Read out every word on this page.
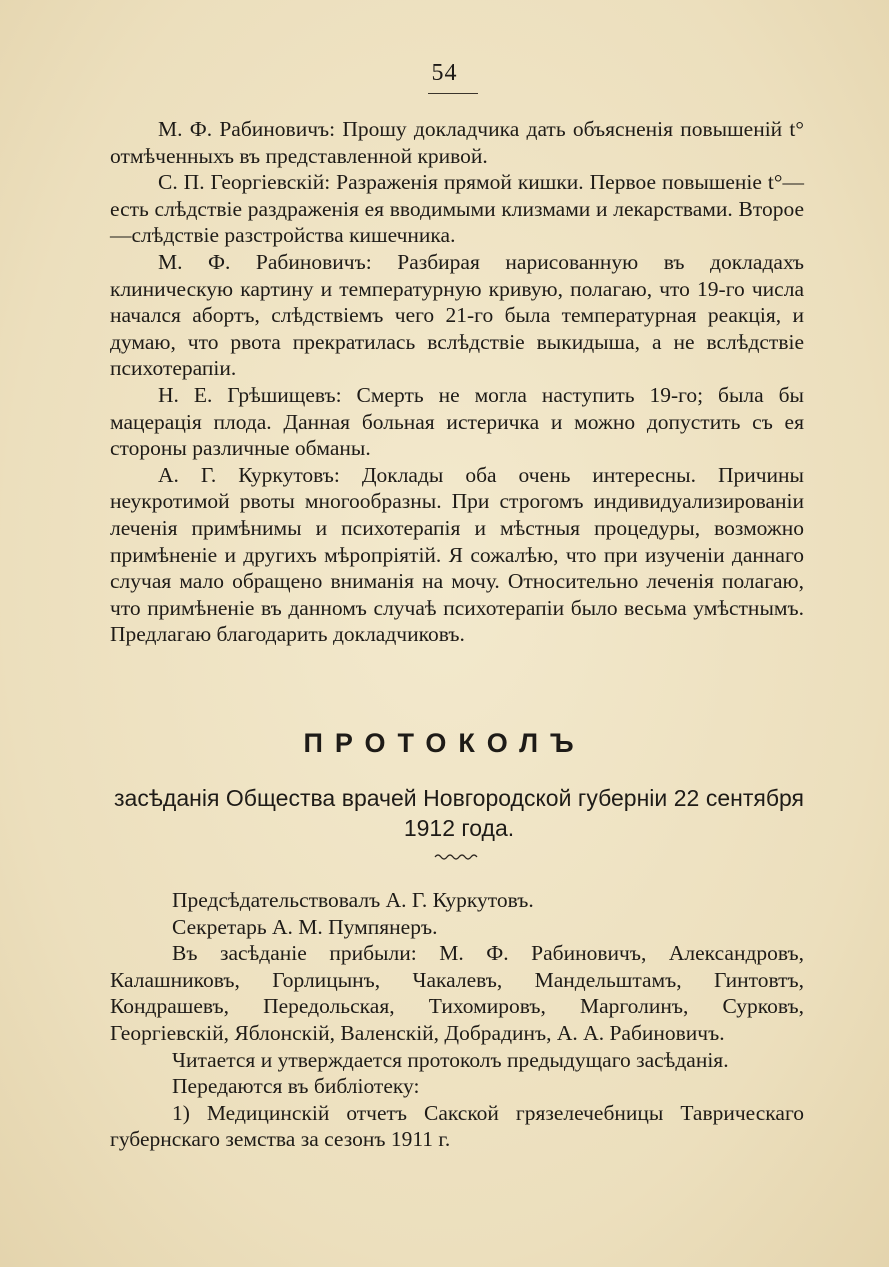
54

М. Ф. Рабиновичъ: Прошу докладчика дать объясненія повышеній t° отмѣченныхъ въ представленной кривой.

С. П. Георгіевскій: Разраженія прямой кишки. Первое повышеніе t°—есть слѣдствіе раздраженія ея вводимыми клизмами и лекарствами. Второе—слѣдствіе разстройства кишечника.

М. Ф. Рабиновичъ: Разбирая нарисованную въ докладахъ клиническую картину и температурную кривую, полагаю, что 19-го числа начался абортъ, слѣдствіемъ чего 21-го была температурная реакція, и думаю, что рвота прекратилась вслѣдствіе выкидыша, а не вслѣдствіе психотерапіи.

Н. Е. Грѣшищевъ: Смерть не могла наступить 19-го; была бы мацерація плода. Данная больная истеричка и можно допустить съ ея стороны различные обманы.

А. Г. Куркутовъ: Доклады оба очень интересны. Причины неукротимой рвоты многообразны. При строгомъ индивидуализированіи леченія примѣнимы и психотерапія и мѣстныя процедуры, возможно примѣненіе и другихъ мѣропріятій. Я сожалѣю, что при изученіи даннаго случая мало обращено вниманія на мочу. Относительно леченія полагаю, что примѣненіе въ данномъ случаѣ психотерапіи было весьма умѣстнымъ. Предлагаю благодарить докладчиковъ.

ПРОТОКОЛЪ
засѣданія Общества врачей Новгородской губерніи 22 сентября 1912 года.

Предсѣдательствовалъ А. Г. Куркутовъ.

Секретарь А. М. Пумпянеръ.

Въ засѣданіе прибыли: М. Ф. Рабиновичъ, Александровъ, Калашниковъ, Горлицынъ, Чакалевъ, Мандельштамъ, Гинтовтъ, Кондрашевъ, Передольская, Тихомировъ, Марголинъ, Сурковъ, Георгіевскій, Яблонскій, Валенскій, Добрадинъ, А. А. Рабиновичъ.

Читается и утверждается протоколъ предыдущаго засѣданія.

Передаются въ библіотеку:

1) Медицинскій отчетъ Сакской грязелечебницы Таврическаго губернскаго земства за сезонъ 1911 г.
